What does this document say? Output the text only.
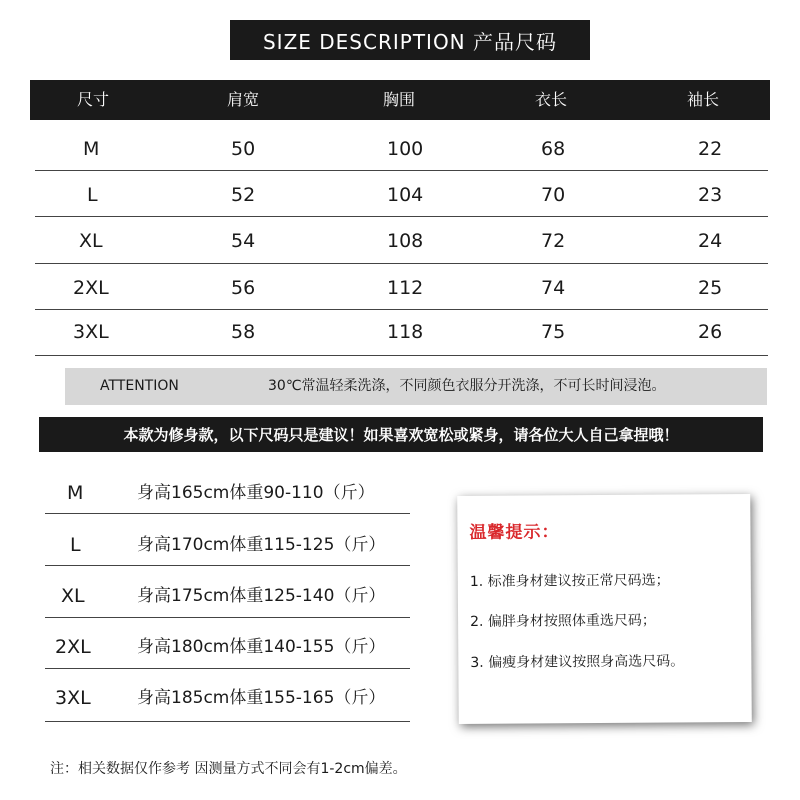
SIZE DESCRIPTION 产品尺码
尺寸	肩宽	胸围	衣长	袖长
M	50	100	68	22
L	52	104	70	23
XL	54	108	72	24
2XL	56	112	74	25
3XL	58	118	75	26
ATTENTION	30℃常温轻柔洗涤，不同颜色衣服分开洗涤，不可长时间浸泡。
本款为修身款，以下尺码只是建议！如果喜欢宽松或紧身，请各位大人自己拿捏哦！
M	身高165cm体重90-110（斤）
L	身高170cm体重115-125（斤）
XL	身高175cm体重125-140（斤）
2XL	身高180cm体重140-155（斤）
3XL	身高185cm体重155-165（斤）
温馨提示：
1. 标准身材建议按正常尺码选；
2. 偏胖身材按照体重选尺码；
3. 偏瘦身材建议按照身高选尺码。
注：相关数据仅作参考 因测量方式不同会有1-2cm偏差。
